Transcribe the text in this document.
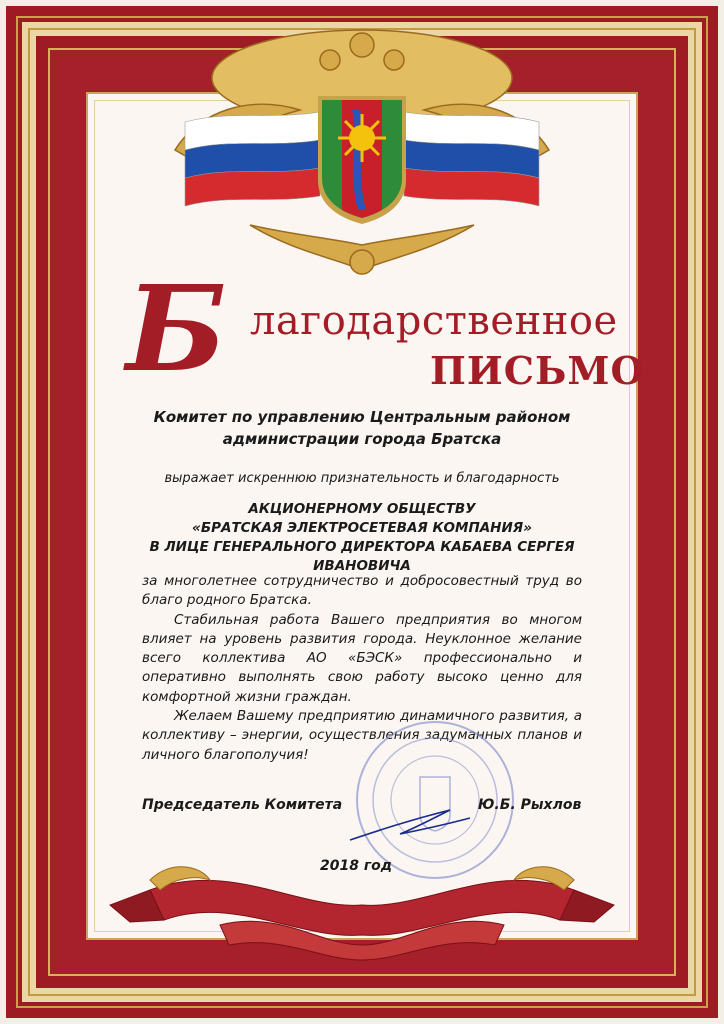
Б лагодарственное
ПИСЬМО
Комитет по управлению Центральным районом
администрации города Братска
выражает искреннюю признательность и благодарность
АКЦИОНЕРНОМУ ОБЩЕСТВУ
«БРАТСКАЯ ЭЛЕКТРОСЕТЕВАЯ КОМПАНИЯ»
В ЛИЦЕ ГЕНЕРАЛЬНОГО ДИРЕКТОРА КАБАЕВА СЕРГЕЯ ИВАНОВИЧА

за многолетнее сотрудничество и добросовестный труд во благо родного Братска.

Стабильная работа Вашего предприятия во многом влияет на уровень развития города. Неуклонное желание всего коллектива АО «БЭСК» профессионально и оперативно выполнять свою работу высоко ценно для комфортной жизни граждан.

Желаем Вашему предприятию динамичного развития, а коллективу – энергии, осуществления задуманных планов и личного благополучия!

Председатель Комитета	Ю.Б. Рыхлов
2018 год
